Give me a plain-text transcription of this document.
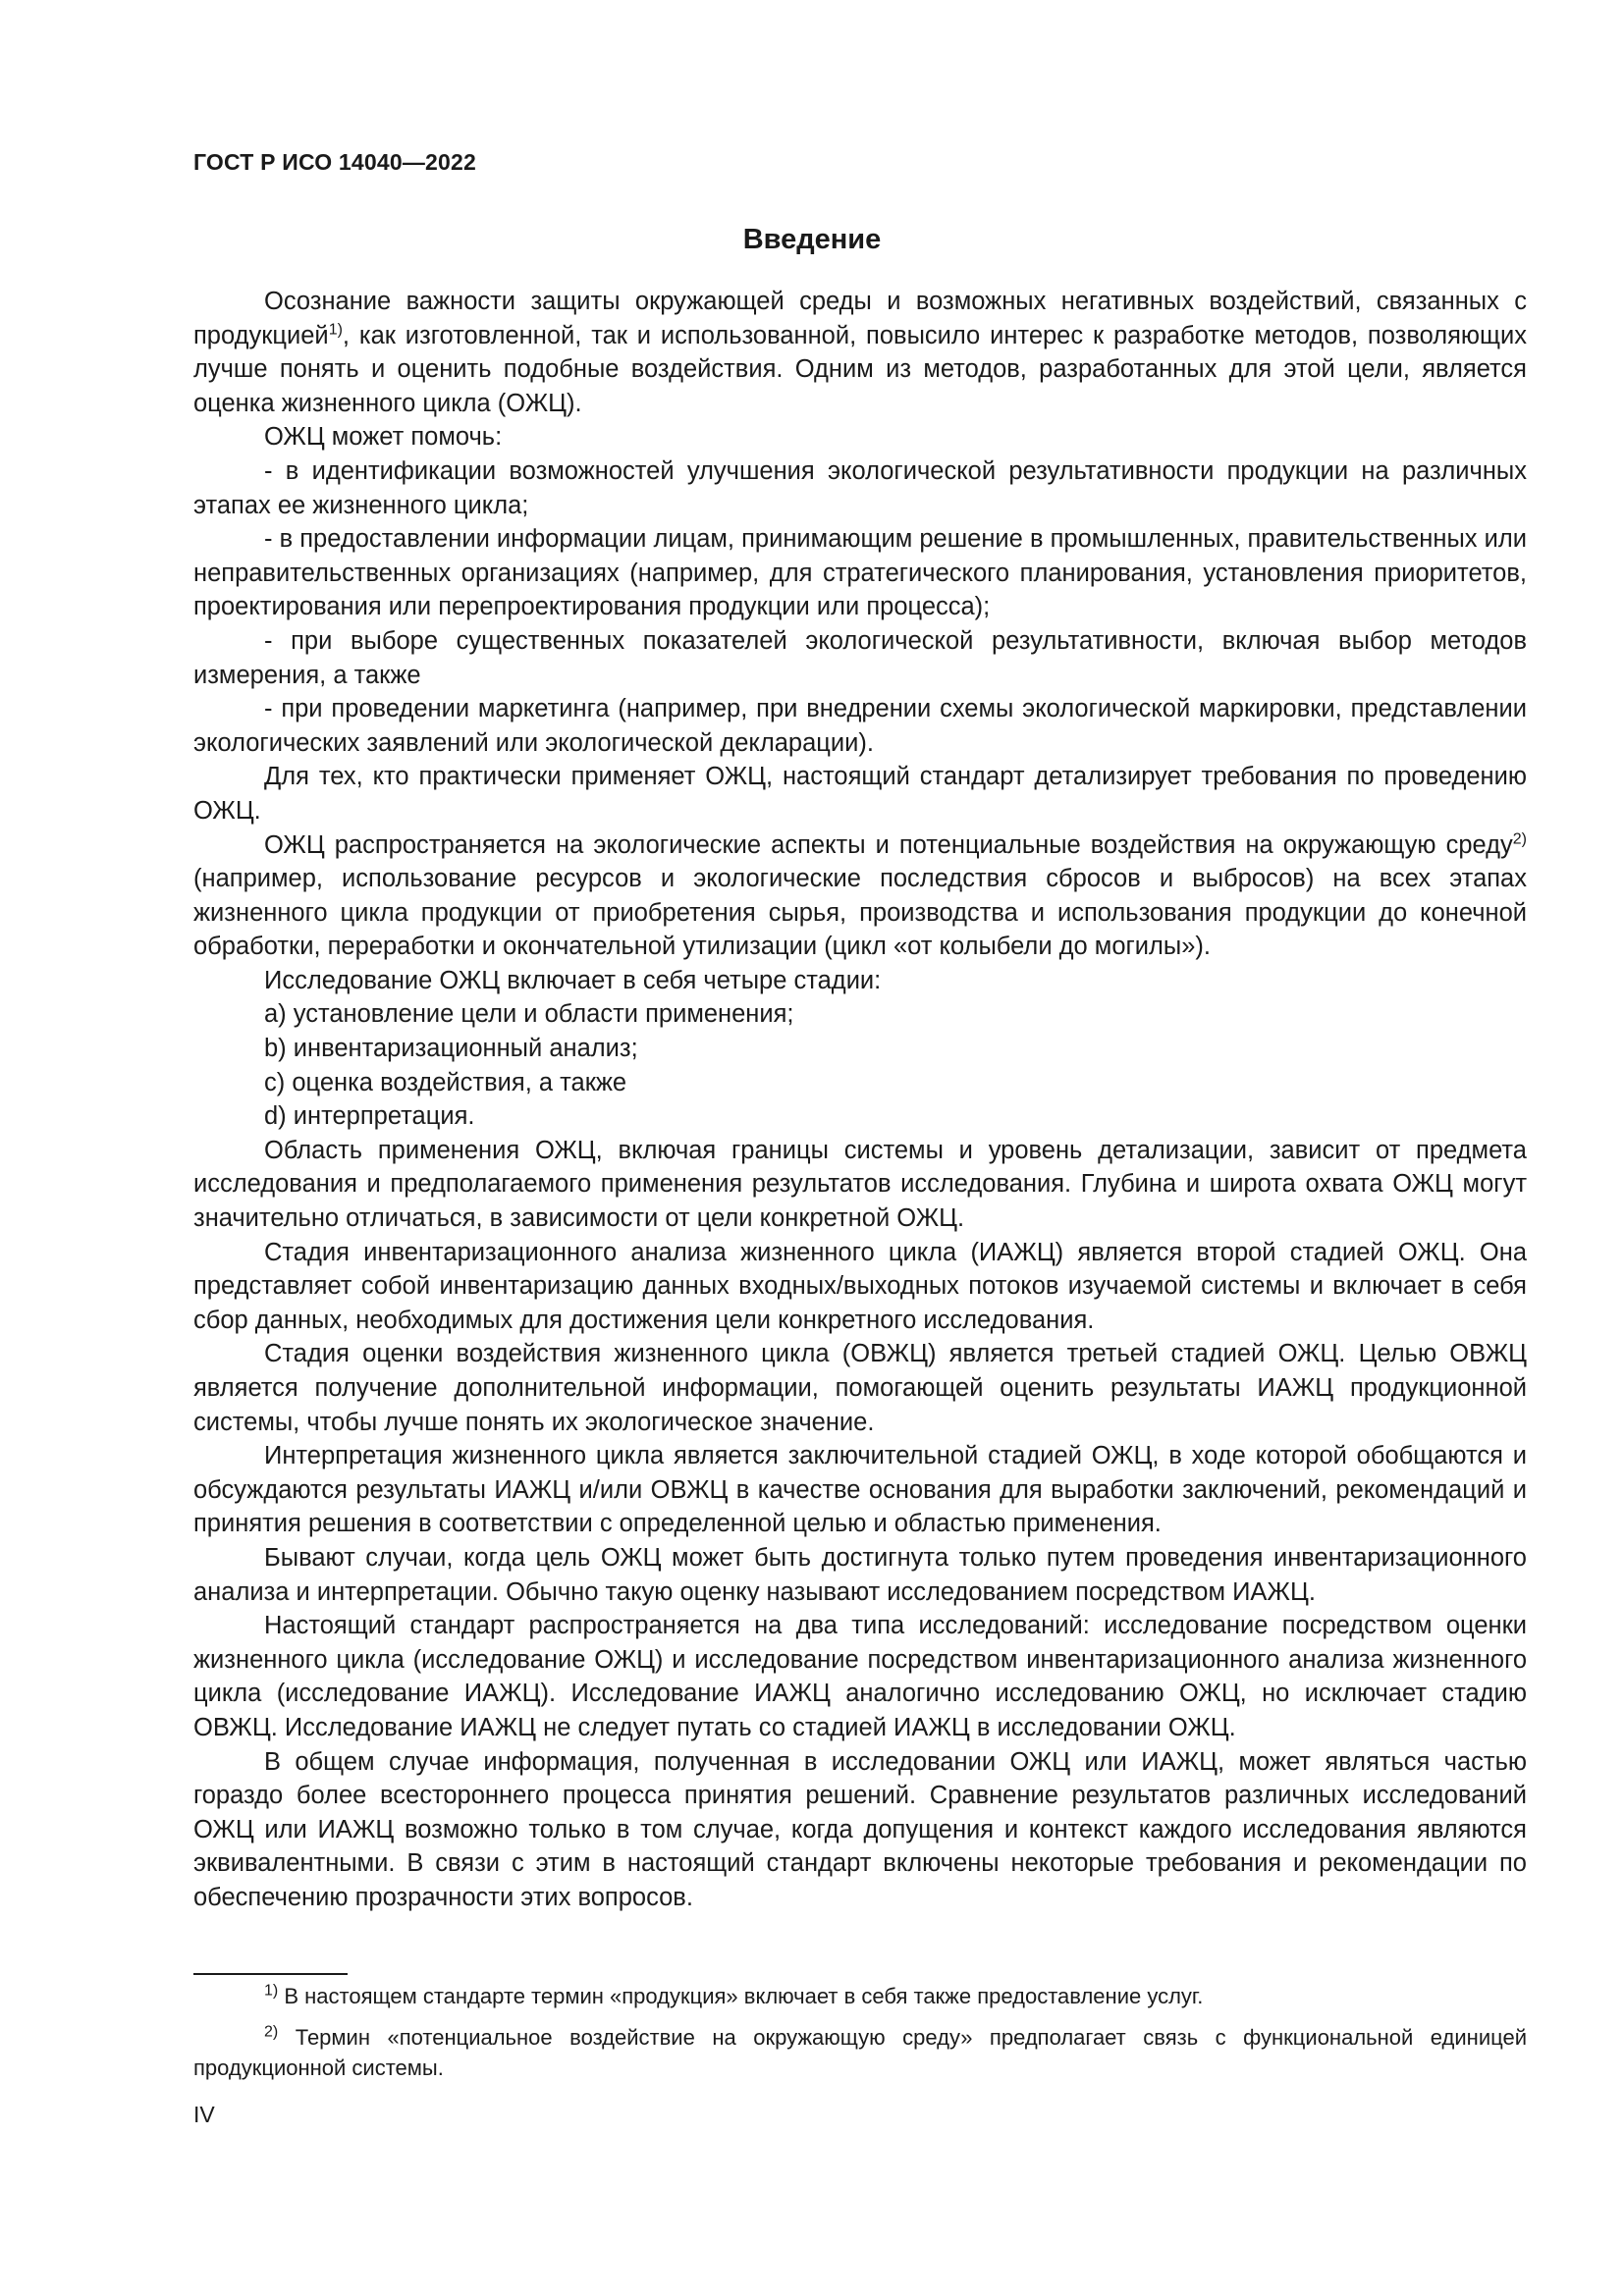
ГОСТ Р ИСО 14040—2022
Введение

Осознание важности защиты окружающей среды и возможных негативных воздействий, связанных с продукцией$^{1)}$, как изготовленной, так и использованной, повысило интерес к разработке методов, позволяющих лучше понять и оценить подобные воздействия. Одним из методов, разработанных для этой цели, является оценка жизненного цикла (ОЖЦ).

ОЖЦ может помочь:

- в идентификации возможностей улучшения экологической результативности продукции на различных этапах ее жизненного цикла;

- в предоставлении информации лицам, принимающим решение в промышленных, правительственных или неправительственных организациях (например, для стратегического планирования, установления приоритетов, проектирования или перепроектирования продукции или процесса);

- при выборе существенных показателей экологической результативности, включая выбор методов измерения, а также

- при проведении маркетинга (например, при внедрении схемы экологической маркировки, представлении экологических заявлений или экологической декларации).

Для тех, кто практически применяет ОЖЦ, настоящий стандарт детализирует требования по проведению ОЖЦ.

ОЖЦ распространяется на экологические аспекты и потенциальные воздействия на окружающую среду$^{2)}$ (например, использование ресурсов и экологические последствия сбросов и выбросов) на всех этапах жизненного цикла продукции от приобретения сырья, производства и использования продукции до конечной обработки, переработки и окончательной утилизации (цикл «от колыбели до могилы»).

Исследование ОЖЦ включает в себя четыре стадии:

a) установление цели и области применения;

b) инвентаризационный анализ;

c) оценка воздействия, а также

d) интерпретация.

Область применения ОЖЦ, включая границы системы и уровень детализации, зависит от предмета исследования и предполагаемого применения результатов исследования. Глубина и широта охвата ОЖЦ могут значительно отличаться, в зависимости от цели конкретной ОЖЦ.

Стадия инвентаризационного анализа жизненного цикла (ИАЖЦ) является второй стадией ОЖЦ. Она представляет собой инвентаризацию данных входных/выходных потоков изучаемой системы и включает в себя сбор данных, необходимых для достижения цели конкретного исследования.

Стадия оценки воздействия жизненного цикла (ОВЖЦ) является третьей стадией ОЖЦ. Целью ОВЖЦ является получение дополнительной информации, помогающей оценить результаты ИАЖЦ продукционной системы, чтобы лучше понять их экологическое значение.

Интерпретация жизненного цикла является заключительной стадией ОЖЦ, в ходе которой обобщаются и обсуждаются результаты ИАЖЦ и/или ОВЖЦ в качестве основания для выработки заключений, рекомендаций и принятия решения в соответствии с определенной целью и областью применения.

Бывают случаи, когда цель ОЖЦ может быть достигнута только путем проведения инвентаризационного анализа и интерпретации. Обычно такую оценку называют исследованием посредством ИАЖЦ.

Настоящий стандарт распространяется на два типа исследований: исследование посредством оценки жизненного цикла (исследование ОЖЦ) и исследование посредством инвентаризационного анализа жизненного цикла (исследование ИАЖЦ). Исследование ИАЖЦ аналогично исследованию ОЖЦ, но исключает стадию ОВЖЦ. Исследование ИАЖЦ не следует путать со стадией ИАЖЦ в исследовании ОЖЦ.

В общем случае информация, полученная в исследовании ОЖЦ или ИАЖЦ, может являться частью гораздо более всестороннего процесса принятия решений. Сравнение результатов различных исследований ОЖЦ или ИАЖЦ возможно только в том случае, когда допущения и контекст каждого исследования являются эквивалентными. В связи с этим в настоящий стандарт включены некоторые требования и рекомендации по обеспечению прозрачности этих вопросов.

$^{1)}$ В настоящем стандарте термин «продукция» включает в себя также предоставление услуг.

$^{2)}$ Термин «потенциальное воздействие на окружающую среду» предполагает связь с функциональной единицей продукционной системы.

IV
